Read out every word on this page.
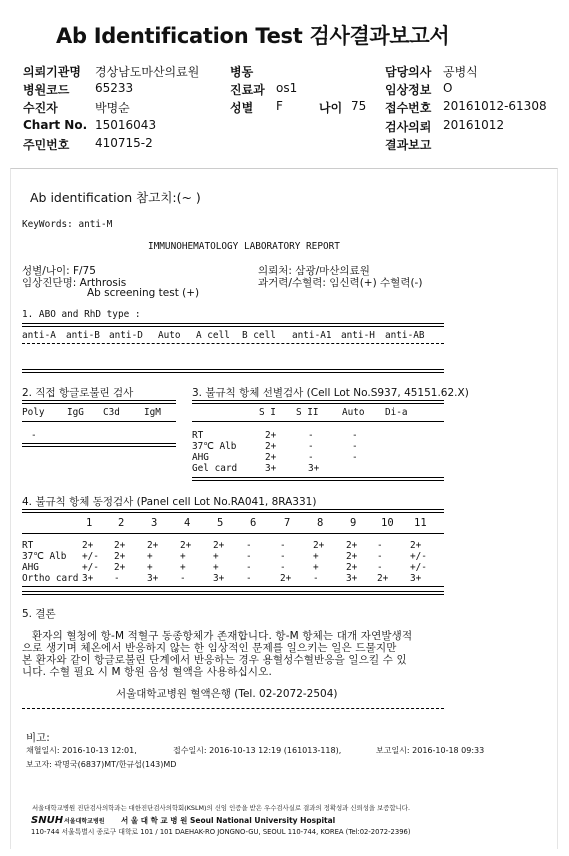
Ab Identification Test 검사결과보고서
의뢰기관명 경상남도마산의료원	병동	담당의사 공병식
병원코드 65233	진료과 os1	임상정보 O
수진자	박명순	성별 F	나이 75 접수번호 20161012-61308
Chart No. 15016043	검사의뢰 20161012
주민번호 410715-2	결과보고
Ab identification 참고치:(~ )
KeyWords: anti-M
IMMUNOHEMATOLOGY LABORATORY REPORT
성별/나이: F/75	의뢰처: 삼광/마산의료원
임상진단명: Arthrosis	과거력/수혈력: 임신력(+) 수혈력(-)
Ab screening test (+)
1. ABO and RhD type :
anti-A anti-B anti-D Auto A cell B cell anti-A1 anti-H anti-AB
2. 직접 항글로불린 검사
Poly IgG C3d	IgM
-
3. 불규칙 항체 선별검사 (Cell Lot No.S937, 45151.62.X)
S I S II Auto Di-a
RT	2+	-	-
37℃ Alb	2+	-	-
AHG	2+	-	-
Gel card	3+	3+
4. 불규칙 항체 동정검사 (Panel cell Lot No.RA041, 8RA331)
1 2	3	4	5	6	7	8	9 10 11
RT	2+ 2+ 2+ 2+ 2+ -	-	2+ 2+ -	2+
37℃ Alb +/- 2+ +	+	+	-	-	+	2+ -	+/-
AHG	+/- 2+ +	+	+	-	-	+	2+ -	+/-
Ortho card 3+ -	3+ -	3+ -	2+ -	3+ 2+ 3+
5. 결론
환자의 혈청에 항-M 적혈구 동종항체가 존재합니다. 항-M 항체는 대개 자연발생적
으로 생기며 체온에서 반응하지 않는 한 임상적인 문제를 일으키는 일은 드물지만
본 환자와 같이 항글로불린 단계에서 반응하는 경우 용혈성수혈반응을 일으킬 수 있
니다. 수혈 필요 시 M 항원 음성 혈액을 사용하십시오.
서울대학교병원 혈액은행 (Tel. 02-2072-2504)
비고:
채혈일시: 2016-10-13 12:01,	접수일시: 2016-10-13 12:19 (161013-118),	보고일시: 2016-10-18 09:33
보고자: 곽명국(6837)MT/한규섭(143)MD
서울대학교병원 진단검사의학과는 대한진단검사의학회(KSLM)의 신임 인증을 받은 우수검사실로 결과의 정확성과 신뢰성을 보증합니다.
SNUH 서울대학교병원 서 울 대 학 교 병 원 Seoul National University Hospital
110-744 서울특별시 종로구 대학로 101 / 101 DAEHAK-RO JONGNO-GU, SEOUL 110-744, KOREA (Tel:02-2072-2396)
